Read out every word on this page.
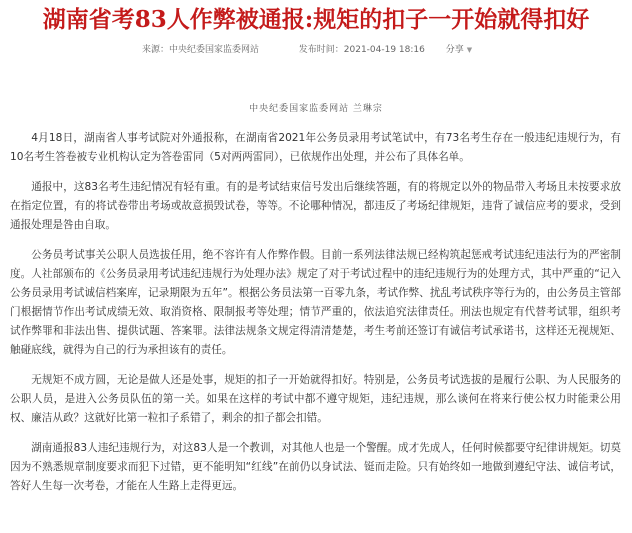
湖南省考83人作弊被通报:规矩的扣子一开始就得扣好
来源：中央纪委国家监委网站	发布时间：2021-04-19 18:16 分享 ▼
中央纪委国家监委网站 兰琳宗

4月18日，湖南省人事考试院对外通报称，在湖南省2021年公务员录用考试笔试中，有73名考生存在一般违纪违规行为，有10名考生答卷被专业机构认定为答卷雷同（5对两两雷同），已依规作出处理，并公布了具体名单。

通报中，这83名考生违纪情况有轻有重。有的是考试结束信号发出后继续答题，有的将规定以外的物品带入考场且未按要求放在指定位置，有的将试卷带出考场或故意损毁试卷，等等。不论哪种情况，都违反了考场纪律规矩，违背了诚信应考的要求，受到通报处理是咎由自取。

公务员考试事关公职人员选拔任用，绝不容许有人作弊作假。目前一系列法律法规已经构筑起惩戒考试违纪违法行为的严密制度。人社部颁布的《公务员录用考试违纪违规行为处理办法》规定了对于考试过程中的违纪违规行为的处理方式，其中严重的“记入公务员录用考试诚信档案库，记录期限为五年”。根据公务员法第一百零九条，考试作弊、扰乱考试秩序等行为的，由公务员主管部门根据情节作出考试成绩无效、取消资格、限制报考等处理；情节严重的，依法追究法律责任。刑法也规定有代替考试罪，组织考试作弊罪和非法出售、提供试题、答案罪。法律法规条文规定得清清楚楚，考生考前还签订有诚信考试承诺书，这样还无视规矩、触碰底线，就得为自己的行为承担该有的责任。

无规矩不成方圆，无论是做人还是处事，规矩的扣子一开始就得扣好。特别是，公务员考试选拔的是履行公职、为人民服务的公职人员，是进入公务员队伍的第一关。如果在这样的考试中都不遵守规矩，违纪违规，那么谈何在将来行使公权力时能秉公用权、廉洁从政？这就好比第一粒扣子系错了，剩余的扣子都会扣错。

湖南通报83人违纪违规行为，对这83人是一个教训，对其他人也是一个警醒。成才先成人，任何时候都要守纪律讲规矩。切莫因为不熟悉规章制度要求而犯下过错，更不能明知“红线”在前仍以身试法、铤而走险。只有始终如一地做到遵纪守法、诚信考试，答好人生每一次考卷，才能在人生路上走得更远。
